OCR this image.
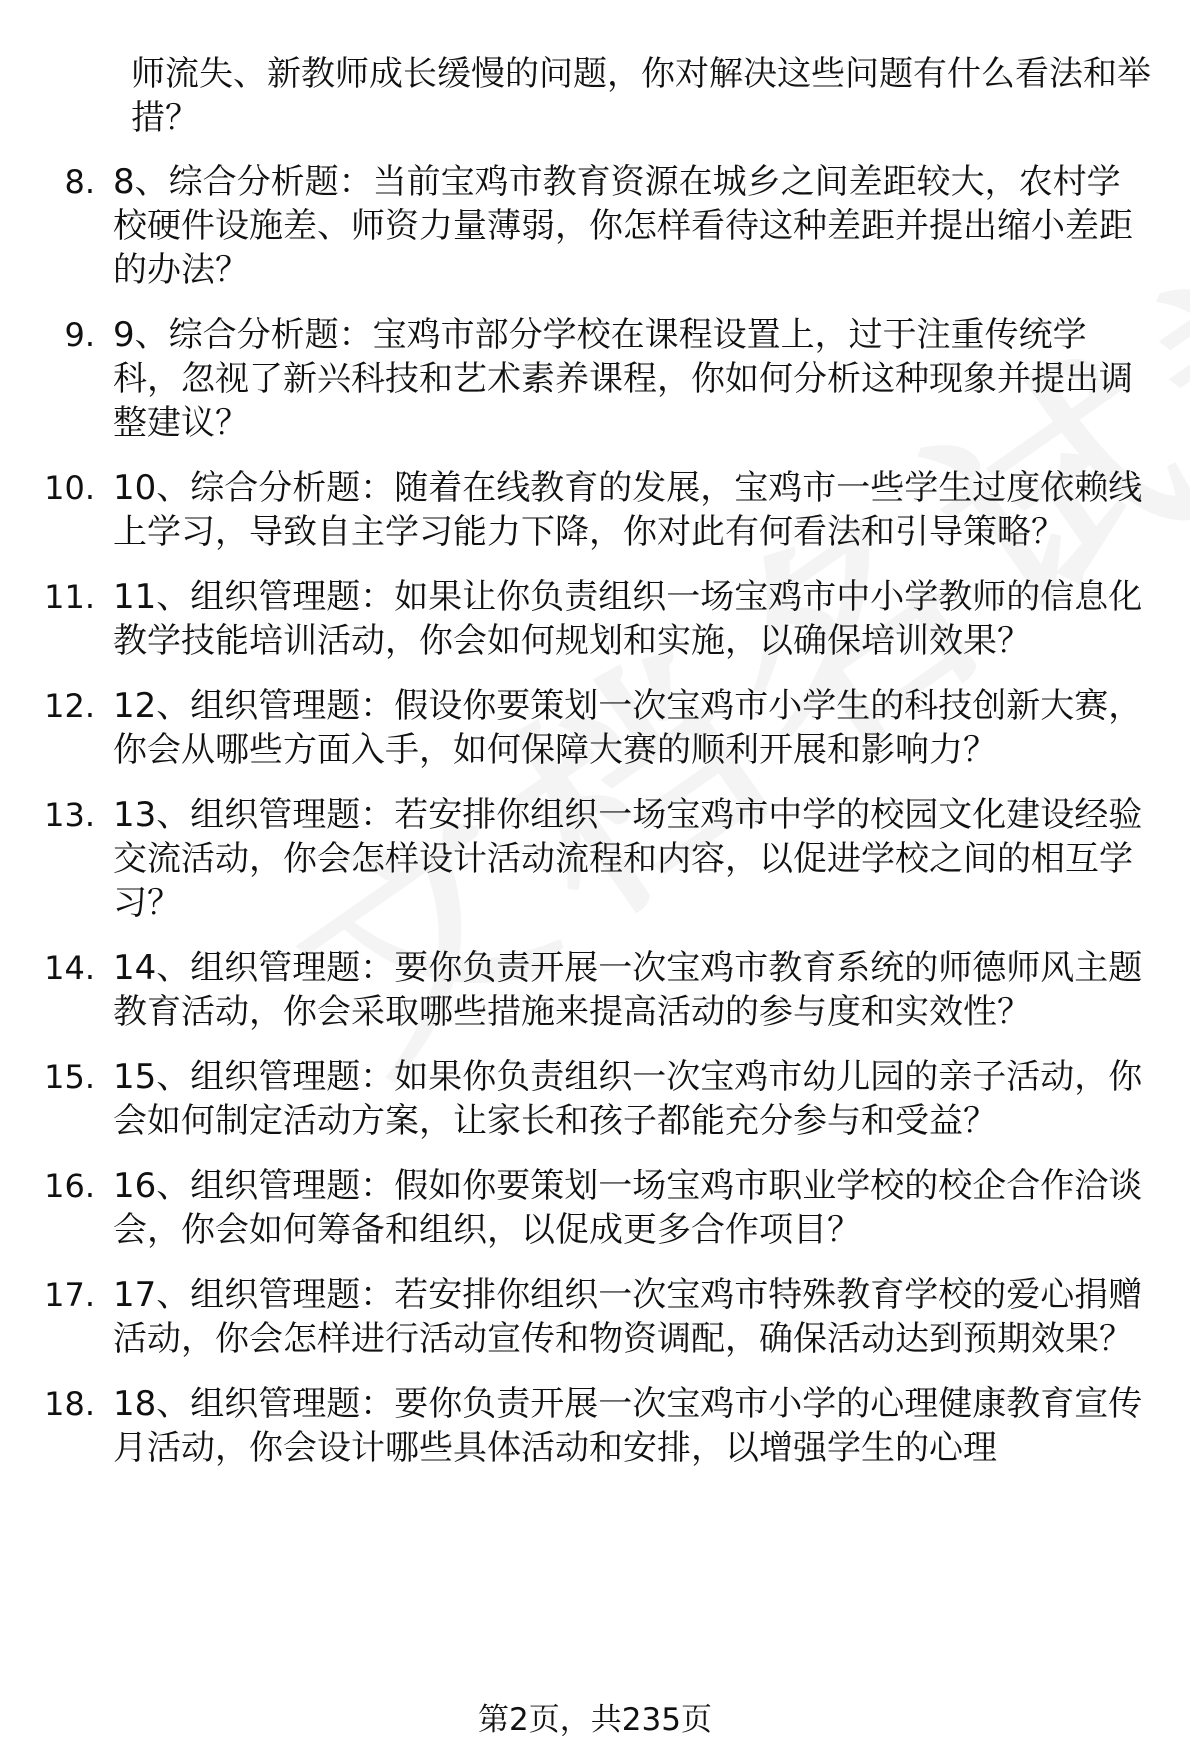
师流失、新教师成长缓慢的问题，你对解决这些问题有什么看法和举措？
8. 8、综合分析题：当前宝鸡市教育资源在城乡之间差距较大，农村学校硬件设施差、师资力量薄弱，你怎样看待这种差距并提出缩小差距的办法？
9. 9、综合分析题：宝鸡市部分学校在课程设置上，过于注重传统学科，忽视了新兴科技和艺术素养课程，你如何分析这种现象并提出调整建议？
10. 10、综合分析题：随着在线教育的发展，宝鸡市一些学生过度依赖线上学习，导致自主学习能力下降，你对此有何看法和引导策略？
11. 11、组织管理题：如果让你负责组织一场宝鸡市中小学教师的信息化教学技能培训活动，你会如何规划和实施，以确保培训效果？
12. 12、组织管理题：假设你要策划一次宝鸡市小学生的科技创新大赛，你会从哪些方面入手，如何保障大赛的顺利开展和影响力？
13. 13、组织管理题：若安排你组织一场宝鸡市中学的校园文化建设经验交流活动，你会怎样设计活动流程和内容，以促进学校之间的相互学习？
14. 14、组织管理题：要你负责开展一次宝鸡市教育系统的师德师风主题教育活动，你会采取哪些措施来提高活动的参与度和实效性？
15. 15、组织管理题：如果你负责组织一次宝鸡市幼儿园的亲子活动，你会如何制定活动方案，让家长和孩子都能充分参与和受益？
16. 16、组织管理题：假如你要策划一场宝鸡市职业学校的校企合作洽谈会，你会如何筹备和组织，以促成更多合作项目？
17. 17、组织管理题：若安排你组织一次宝鸡市特殊教育学校的爱心捐赠活动，你会怎样进行活动宣传和物资调配，确保活动达到预期效果？
18. 18、组织管理题：要你负责开展一次宝鸡市小学的心理健康教育宣传月活动，你会设计哪些具体活动和安排，以增强学生的心理
第2页，共235页
